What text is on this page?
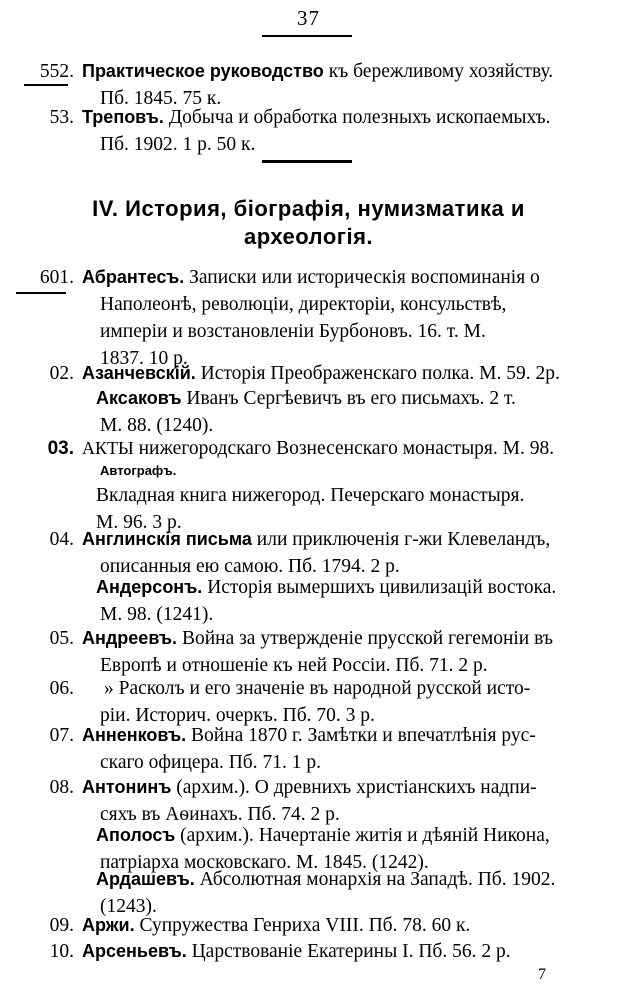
37
552. Практическое руководство къ бережливому хозяйству.
Пб. 1845. 75 к.
53. Треповъ. Добыча и обработка полезныхъ ископаемыхъ.
Пб. 1902. 1 р. 50 к.
IV. История, біографія, нумизматика и
археологія.
601. Абрантесъ. Записки или историческія воспоминанія о
Наполеонѣ, революціи, директоріи, консульствѣ,
имперіи и возстановленіи Бурбоновъ. 16. т. М.
1837. 10 р.
02. Азанчевскій. Исторія Преображенскаго полка. М. 59. 2р.
Аксаковъ Иванъ Сергѣевичъ въ его письмахъ. 2 т.
М. 88. (1240).
03. АКТЫ нижегородскаго Вознесенскаго монастыря. М. 98.
Автографъ.
Вкладная книга нижегород. Печерскаго монастыря.
М. 96. 3 р.
04. Англинскія письма или приключенія г-жи Клевеландъ,
описанныя ею самою. Пб. 1794. 2 р.
Андерсонъ. Исторія вымершихъ цивилизацій востока.
М. 98. (1241).
05. Андреевъ. Война за утвержденіе прусской гегемоніи въ
Европѣ и отношеніе къ ней Россіи. Пб. 71. 2 р.
06.	» Расколъ и его значеніе въ народной русской исто-
ріи. Историч. очеркъ. Пб. 70. 3 р.
07. Анненковъ. Война 1870 г. Замѣтки и впечатлѣнія рус-
скаго офицера. Пб. 71. 1 р.
08. Антонинъ (архим.). О древнихъ христіанскихъ надпи-
сяхъ въ Аѳинахъ. Пб. 74. 2 р.
Аполосъ (архим.). Начертаніе житія и дѣяній Никона,
патріарха московскаго. М. 1845. (1242).
Ардашевъ. Абсолютная монархія на Западѣ. Пб. 1902.
(1243).
09. Аржи. Супружества Генриха VIII. Пб. 78. 60 к.
10. Арсеньевъ. Царствованіе Екатерины I. Пб. 56. 2 р.
7
